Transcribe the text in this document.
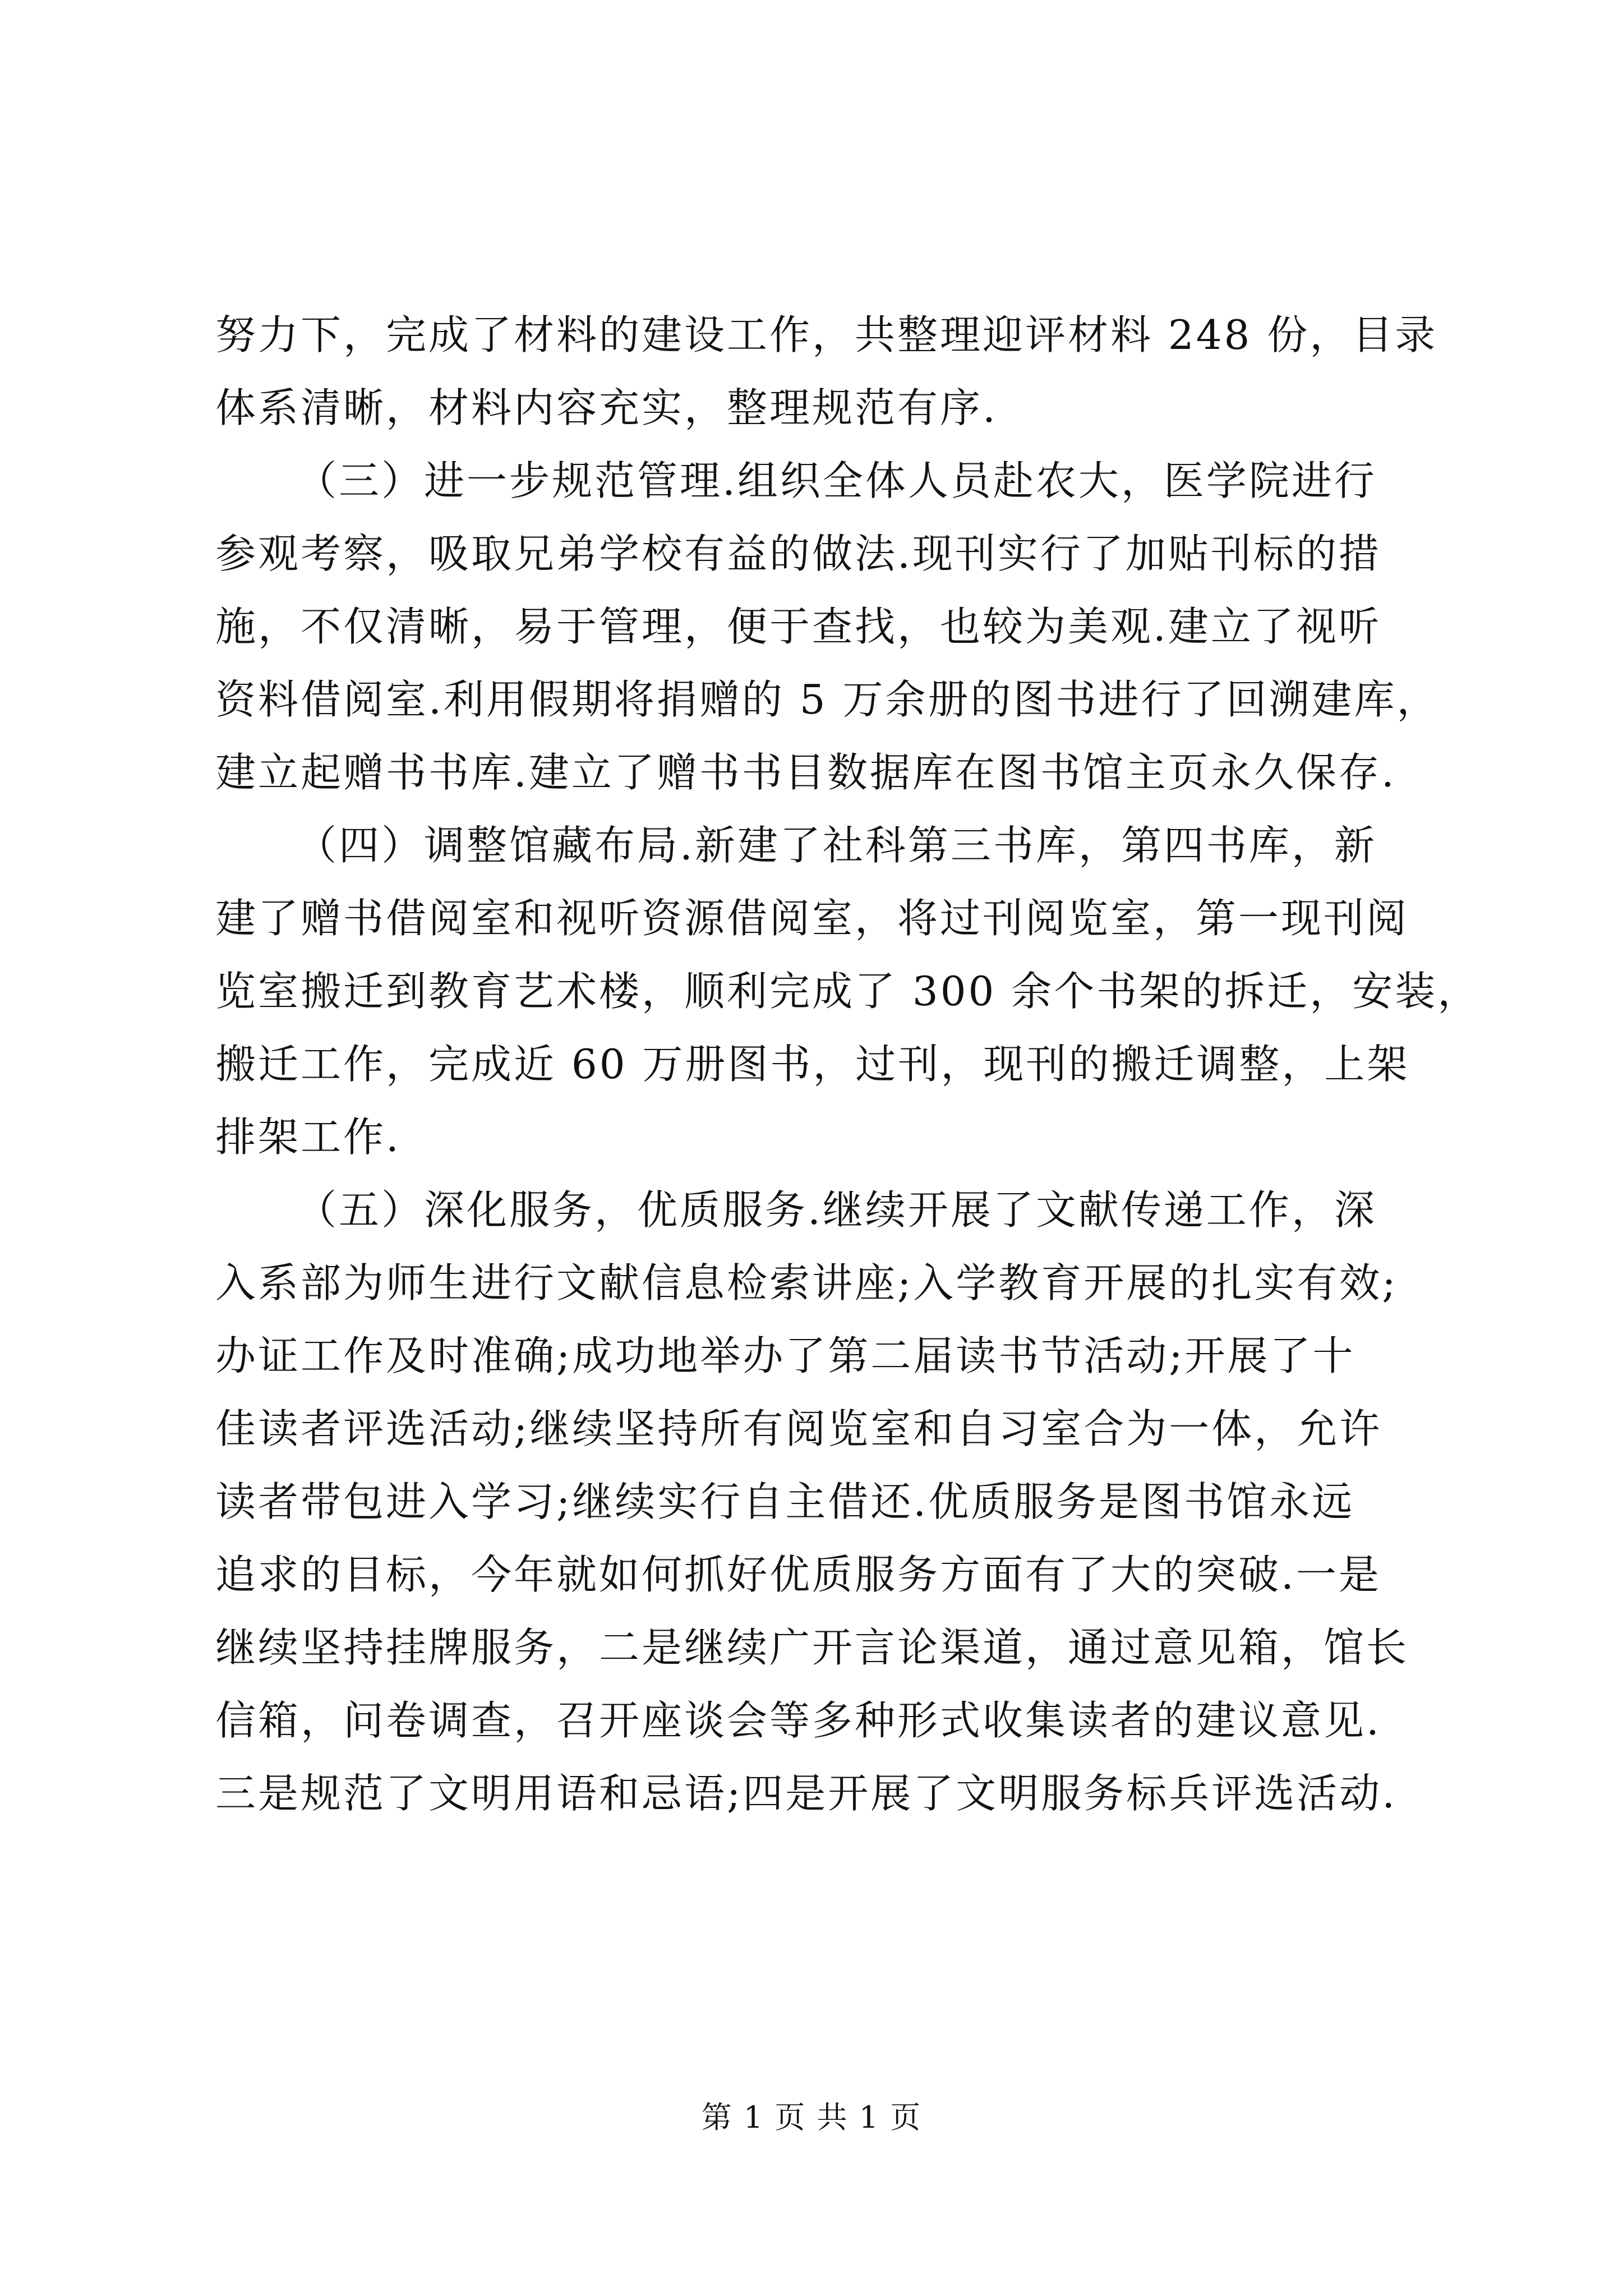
努力下，完成了材料的建设工作，共整理迎评材料 248 份，目录
体系清晰，材料内容充实，整理规范有序.
（三）进一步规范管理.组织全体人员赴农大，医学院进行
参观考察，吸取兄弟学校有益的做法.现刊实行了加贴刊标的措
施，不仅清晰，易于管理，便于查找，也较为美观.建立了视听
资料借阅室.利用假期将捐赠的 5 万余册的图书进行了回溯建库，
建立起赠书书库.建立了赠书书目数据库在图书馆主页永久保存.
（四）调整馆藏布局.新建了社科第三书库，第四书库，新
建了赠书借阅室和视听资源借阅室，将过刊阅览室，第一现刊阅
览室搬迁到教育艺术楼，顺利完成了 300 余个书架的拆迁，安装，
搬迁工作，完成近 60 万册图书，过刊，现刊的搬迁调整，上架
排架工作.
（五）深化服务，优质服务.继续开展了文献传递工作，深
入系部为师生进行文献信息检索讲座;入学教育开展的扎实有效;
办证工作及时准确;成功地举办了第二届读书节活动;开展了十
佳读者评选活动;继续坚持所有阅览室和自习室合为一体，允许
读者带包进入学习;继续实行自主借还.优质服务是图书馆永远
追求的目标，今年就如何抓好优质服务方面有了大的突破.一是
继续坚持挂牌服务，二是继续广开言论渠道，通过意见箱，馆长
信箱，问卷调查，召开座谈会等多种形式收集读者的建议意见.
三是规范了文明用语和忌语;四是开展了文明服务标兵评选活动.
第 1 页 共 1 页
